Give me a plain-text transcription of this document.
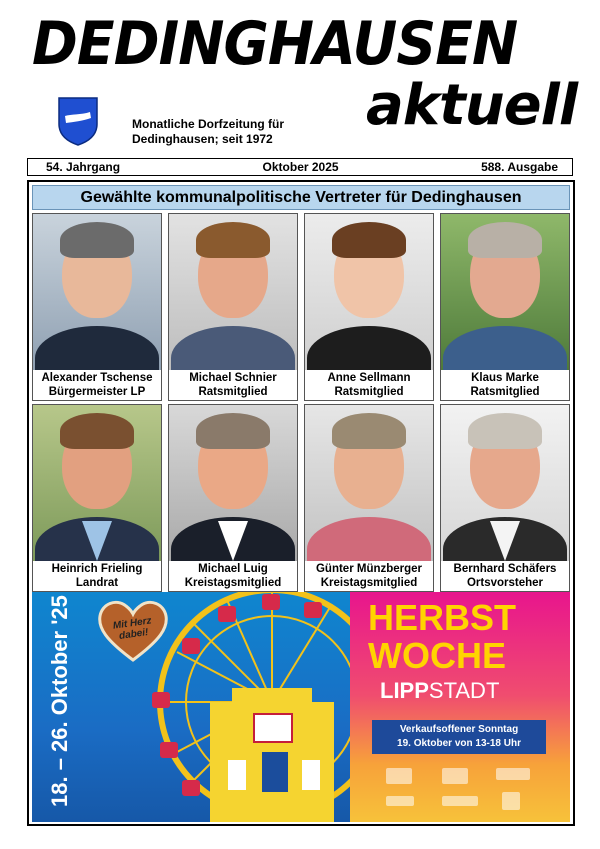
DEDINGHAUSEN
aktuell
Monatliche Dorfzeitung für
Dedinghausen; seit 1972
54. Jahrgang	Oktober 2025	588. Ausgabe
Gewählte kommunalpolitische Vertreter für Dedinghausen
Alexander Tschense
Bürgermeister LP
Michael Schnier
Ratsmitglied
Anne Sellmann
Ratsmitglied
Klaus Marke
Ratsmitglied
Heinrich Frieling
Landrat
Michael Luig
Kreistagsmitglied
Günter Münzberger
Kreistagsmitglied
Bernhard Schäfers
Ortsvorsteher
18. – 26. Oktober '25	Mit Herz dabei!	HERBST
WOCHE
LIPPSTADT
Verkaufsoffener Sonntag
19. Oktober von 13-18 Uhr
